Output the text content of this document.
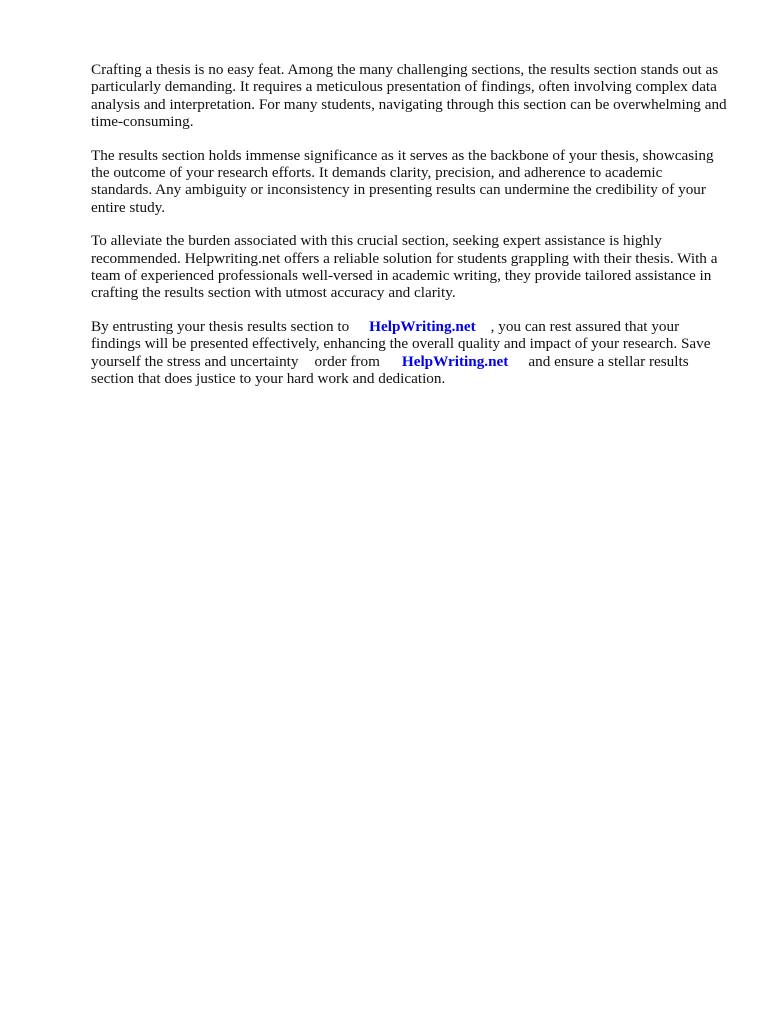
Crafting a thesis is no easy feat. Among the many challenging sections, the results section stands out as particularly demanding. It requires a meticulous presentation of findings, often involving complex data analysis and interpretation. For many students, navigating through this section can be overwhelming and time-consuming.

The results section holds immense significance as it serves as the backbone of your thesis, showcasing the outcome of your research efforts. It demands clarity, precision, and adherence to academic standards. Any ambiguity or inconsistency in presenting results can undermine the credibility of your entire study.

To alleviate the burden associated with this crucial section, seeking expert assistance is highly recommended. Helpwriting.net offers a reliable solution for students grappling with their thesis. With a team of experienced professionals well-versed in academic writing, they provide tailored assistance in crafting the results section with utmost accuracy and clarity.

By entrusting your thesis results section to HelpWriting.net , you can rest assured that your findings will be presented effectively, enhancing the overall quality and impact of your research. Save yourself the stress and uncertainty order from HelpWriting.net and ensure a stellar results section that does justice to your hard work and dedication.
